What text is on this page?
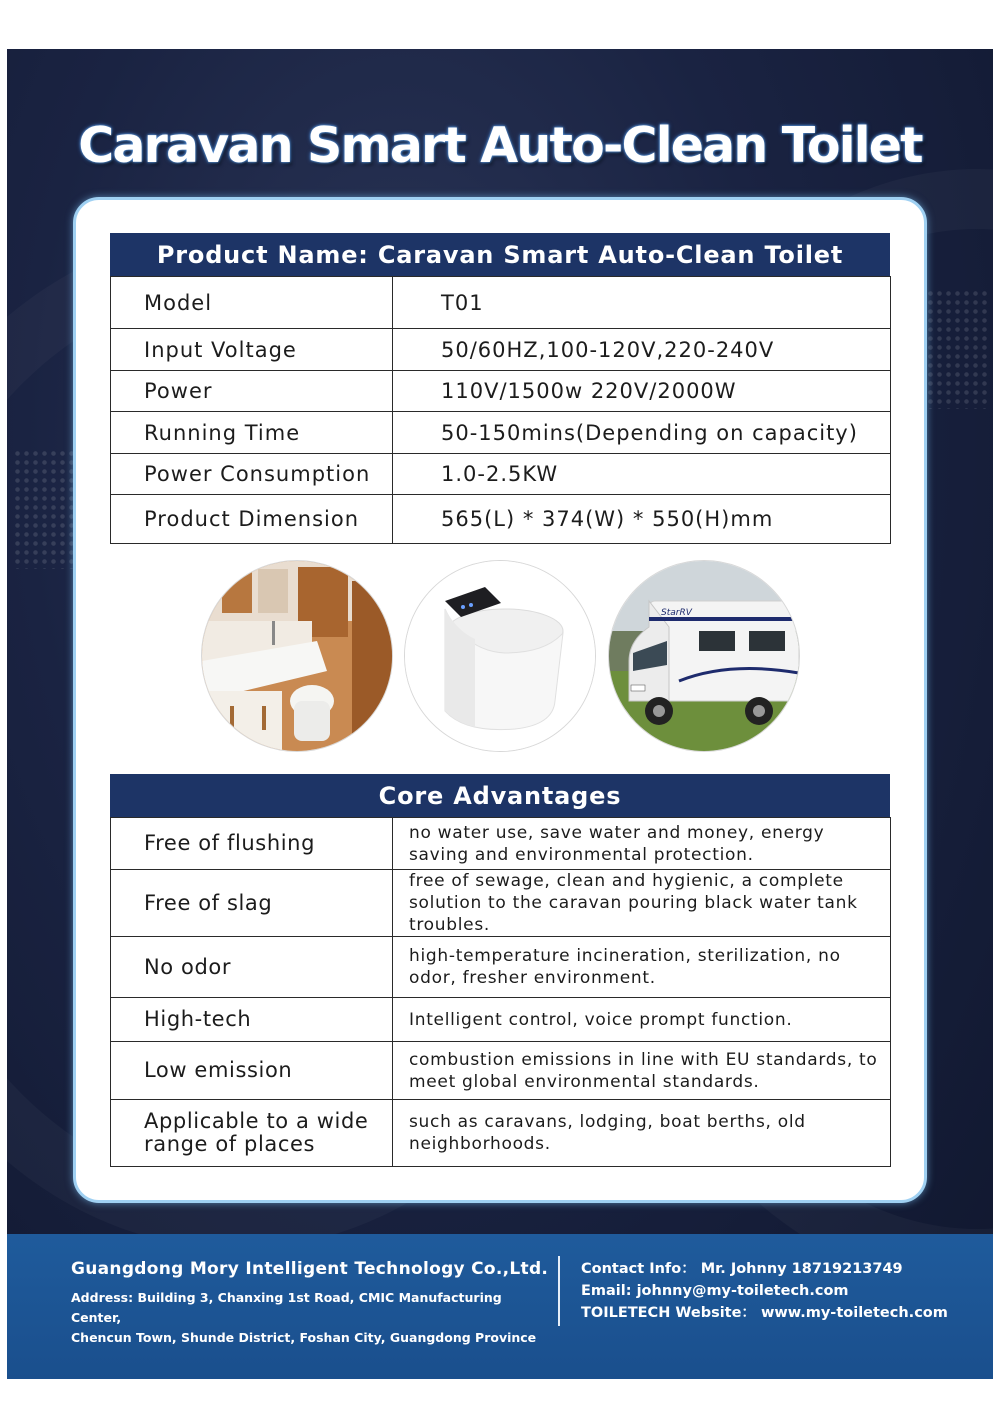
Caravan Smart Auto-Clean Toilet
Product Name: Caravan Smart Auto-Clean Toilet
Model	T01
Input Voltage	50/60HZ,100-120V,220-240V
Power	110V/1500w 220V/2000W
Running Time	50-150mins(Depending on capacity)
Power Consumption	1.0-2.5KW
Product Dimension	565(L) * 374(W) * 550(H)mm
StarRV
Core Advantages
Free of flushing	no water use, save water and money, energy saving and environmental protection.
Free of slag	free of sewage, clean and hygienic, a complete solution to the caravan pouring black water tank troubles.
No odor	high-temperature incineration, sterilization, no odor, fresher environment.
High-tech	Intelligent control, voice prompt function.
Low emission	combustion emissions in line with EU standards, to meet global environmental standards.
Applicable to a wide range of places	such as caravans, lodging, boat berths, old neighborhoods.
Guangdong Mory Intelligent Technology Co.,Ltd.
Address: Building 3, Chanxing 1st Road, CMIC Manufacturing Center,
Chencun Town, Shunde District, Foshan City, Guangdong Province
Contact Info： Mr. Johnny 18719213749
Email: johnny@my-toiletech.com
TOILETECH Website： www.my-toiletech.com
